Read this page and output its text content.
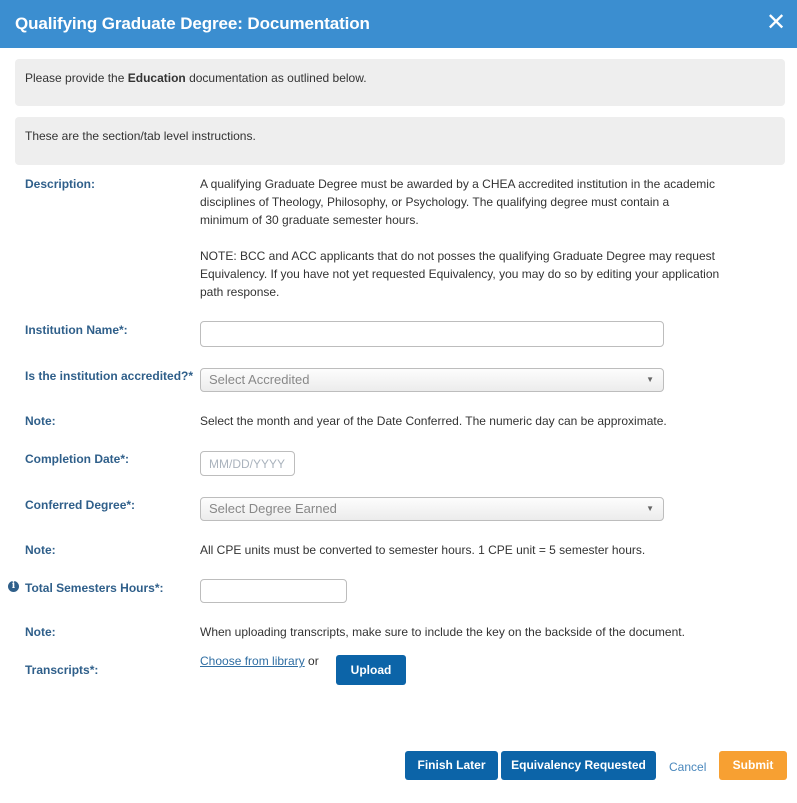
Qualifying Graduate Degree: Documentation	✕
Please provide the Education documentation as outlined below.
These are the section/tab level instructions.
Description:	A qualifying Graduate Degree must be awarded by a CHEA accredited institution in the academic
disciplines of Theology, Philosophy, or Psychology. The qualifying degree must contain a
minimum of 30 graduate semester hours.
NOTE: BCC and ACC applicants that do not posses the qualifying Graduate Degree may request
Equivalency. If you have not yet requested Equivalency, you may do so by editing your application
path response.
Institution Name*:
Is the institution accredited?*	Select Accredited	▼
Note:	Select the month and year of the Date Conferred. The numeric day can be approximate.
Completion Date*:
MM/DD/YYYY
Conferred Degree*:	Select Degree Earned	▼
Note:	All CPE units must be converted to semester hours. 1 CPE unit = 5 semester hours.
i Total Semesters Hours*:
Note:	When uploading transcripts, make sure to include the key on the backside of the document.
Transcripts*:
Choose from library or
Upload
Finish Later	Equivalency Requested	Cancel	Submit
